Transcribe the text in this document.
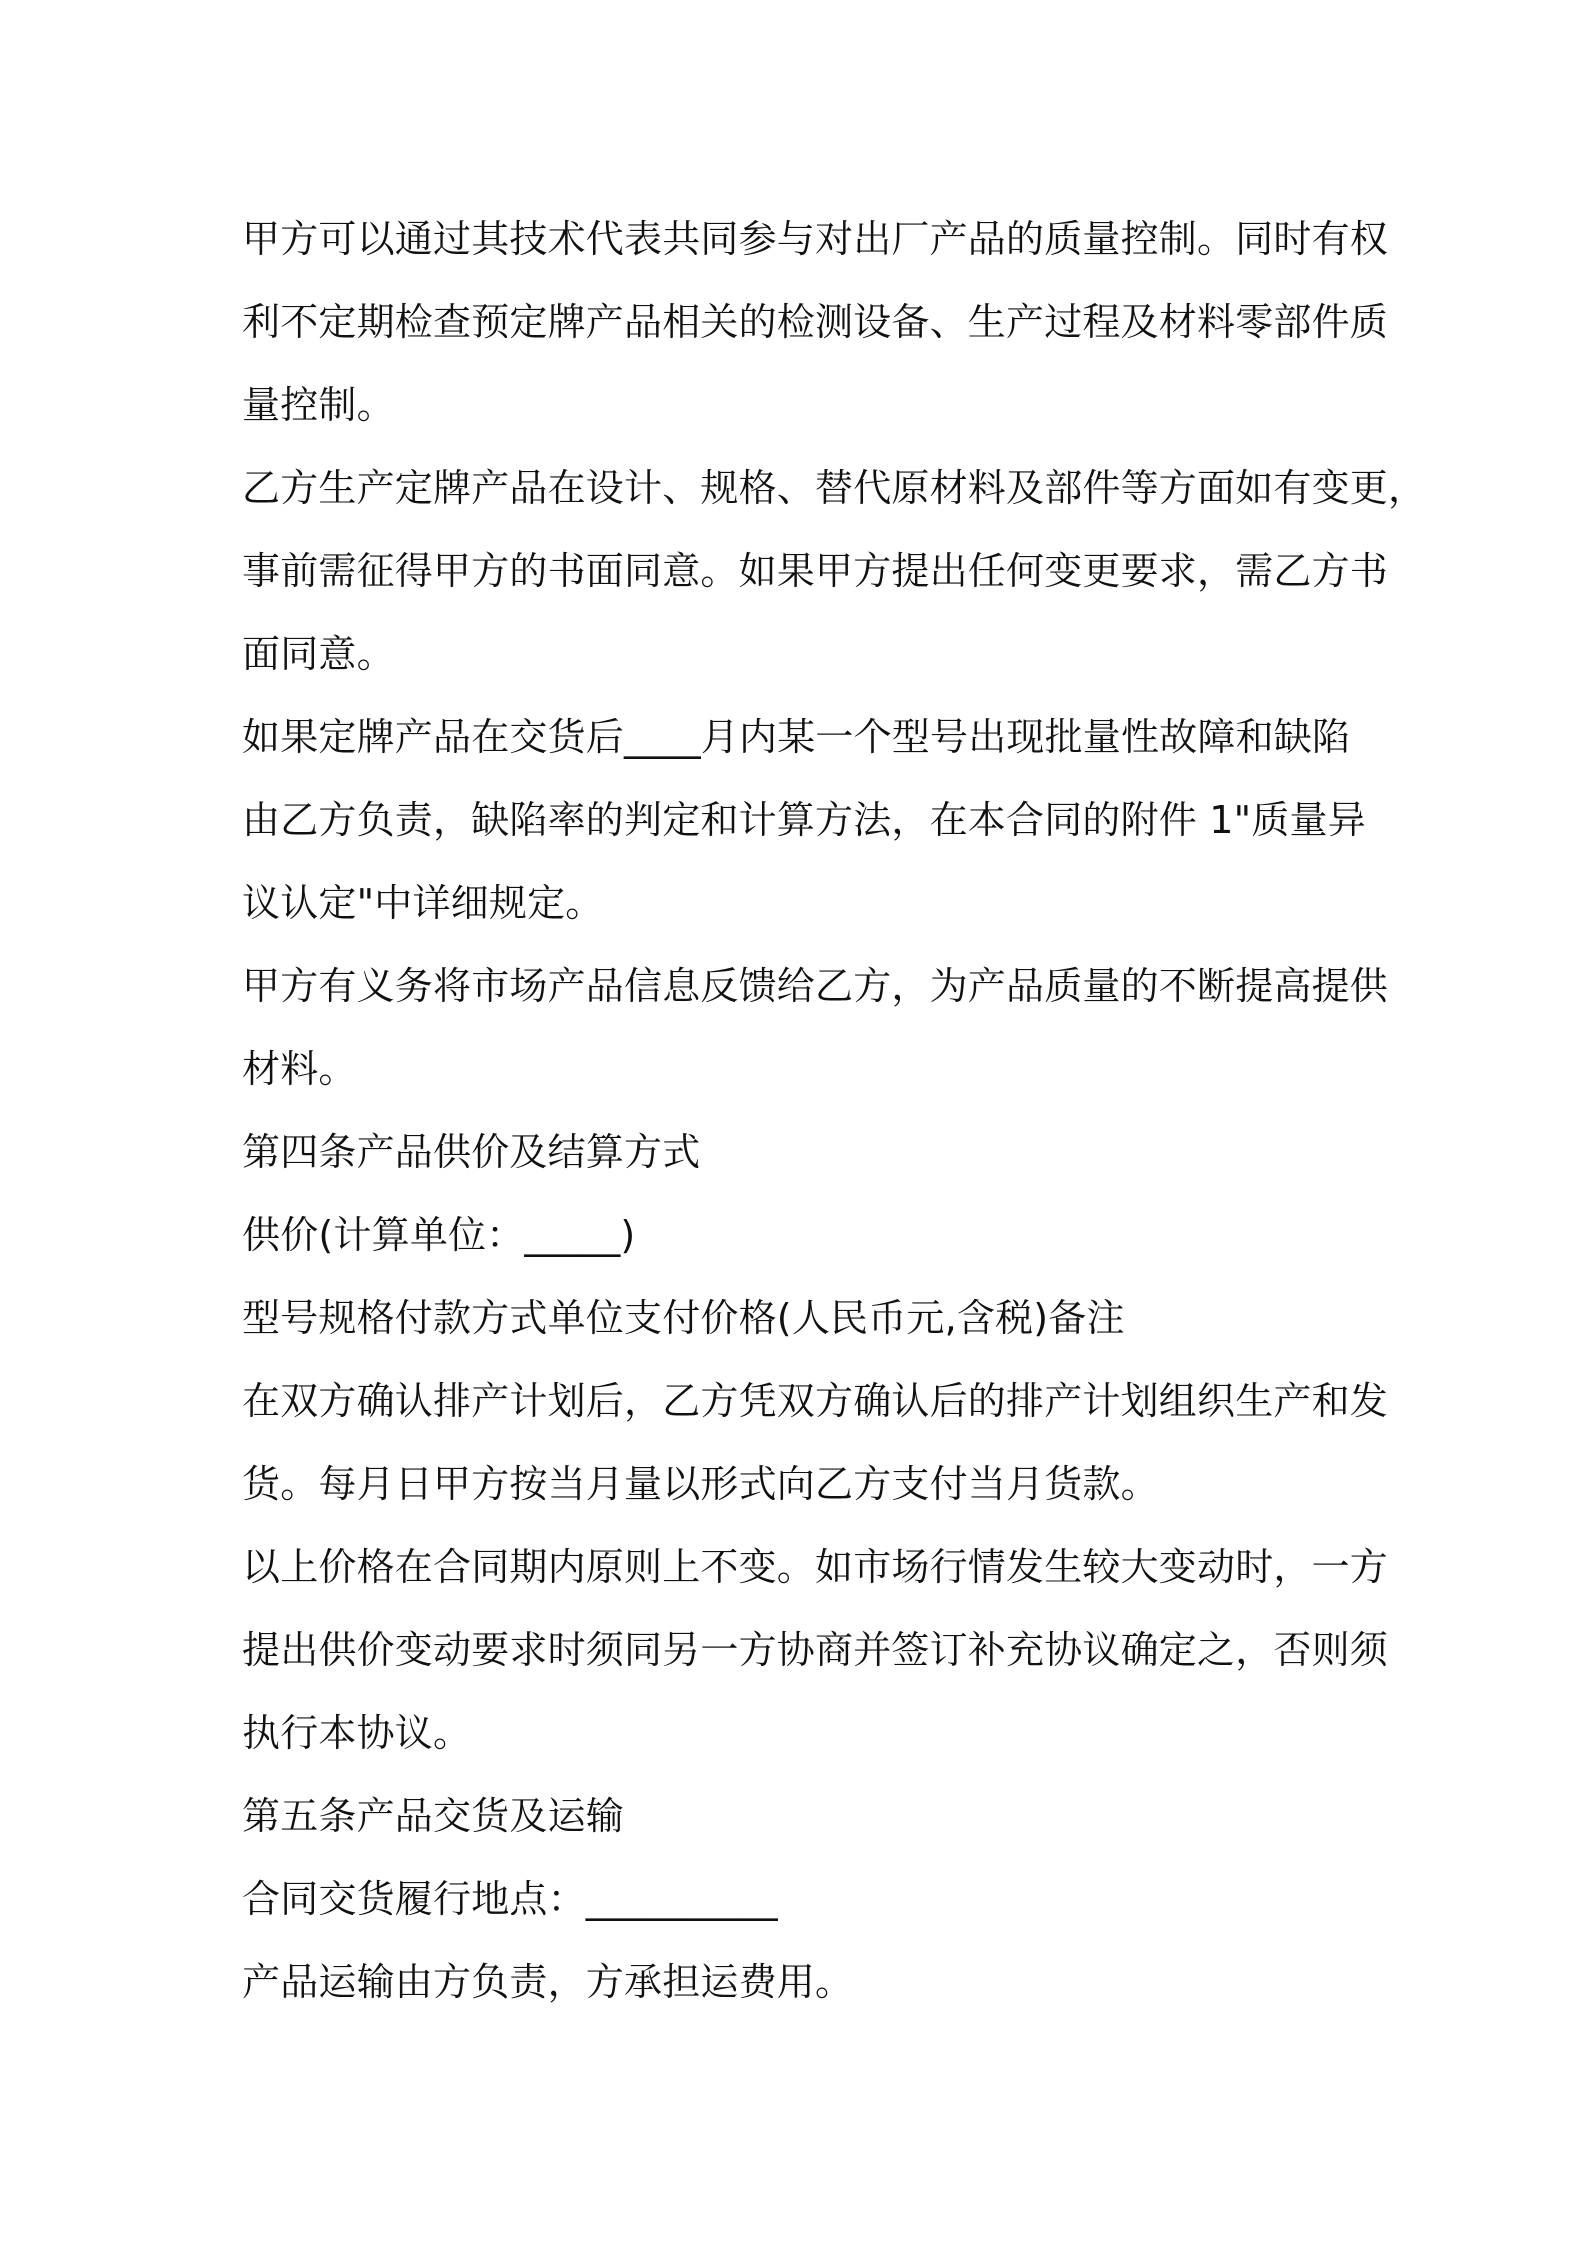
甲方可以通过其技术代表共同参与对出厂产品的质量控制。同时有权
利不定期检查预定牌产品相关的检测设备、生产过程及材料零部件质
量控制。
乙方生产定牌产品在设计、规格、替代原材料及部件等方面如有变更，
事前需征得甲方的书面同意。如果甲方提出任何变更要求，需乙方书
面同意。
如果定牌产品在交货后____月内某一个型号出现批量性故障和缺陷
由乙方负责，缺陷率的判定和计算方法，在本合同的附件 1"质量异
议认定"中详细规定。
甲方有义务将市场产品信息反馈给乙方，为产品质量的不断提高提供
材料。
第四条产品供价及结算方式
供价(计算单位：_____)
型号规格付款方式单位支付价格(人民币元,含税)备注
在双方确认排产计划后，乙方凭双方确认后的排产计划组织生产和发
货。每月日甲方按当月量以形式向乙方支付当月货款。
以上价格在合同期内原则上不变。如市场行情发生较大变动时，一方
提出供价变动要求时须同另一方协商并签订补充协议确定之，否则须
执行本协议。
第五条产品交货及运输
合同交货履行地点：__________
产品运输由方负责，方承担运费用。
